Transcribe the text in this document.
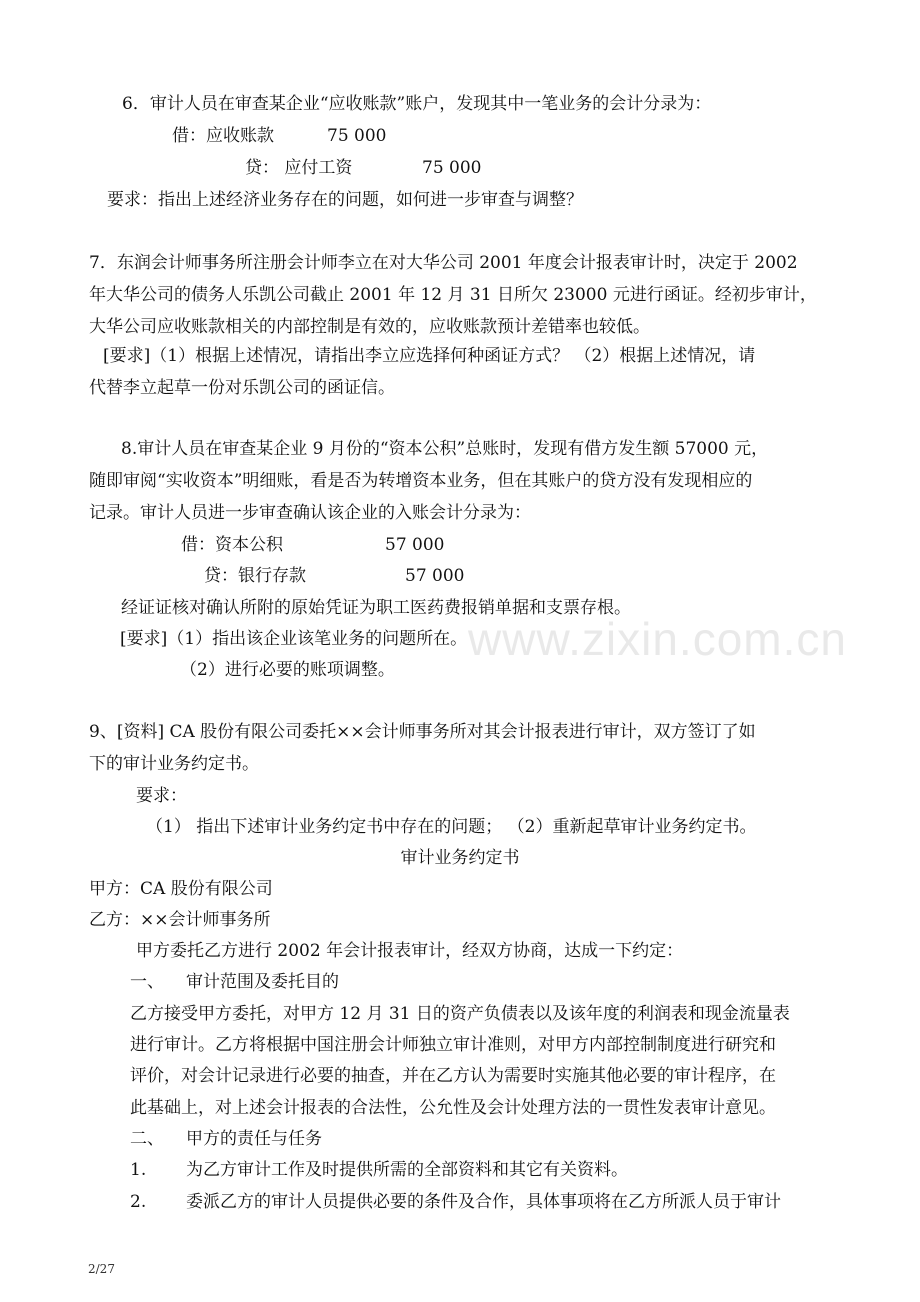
www.zixin.com.cn
6．审计人员在审查某企业“应收账款”账户，发现其中一笔业务的会计分录为：
借：应收账款	75 000
贷： 应付工资	75 000
要求：指出上述经济业务存在的问题，如何进一步审查与调整？
7．东润会计师事务所注册会计师李立在对大华公司 2001 年度会计报表审计时，决定于 2002
年大华公司的债务人乐凯公司截止 2001 年 12 月 31 日所欠 23000 元进行函证。经初步审计，
大华公司应收账款相关的内部控制是有效的，应收账款预计差错率也较低。
[要求]（1）根据上述情况，请指出李立应选择何种函证方式？ （2）根据上述情况，请
代替李立起草一份对乐凯公司的函证信。
8.审计人员在审查某企业 9 月份的“资本公积”总账时，发现有借方发生额 57000 元，
随即审阅“实收资本”明细账，看是否为转增资本业务，但在其账户的贷方没有发现相应的
记录。审计人员进一步审查确认该企业的入账会计分录为：
借：资本公积	57 000
贷：银行存款	57 000
经证证核对确认所附的原始凭证为职工医药费报销单据和支票存根。
[要求]（1）指出该企业该笔业务的问题所在。
（2）进行必要的账项调整。
9、[资料] CA 股份有限公司委托××会计师事务所对其会计报表进行审计，双方签订了如
下的审计业务约定书。
要求：
（1） 指出下述审计业务约定书中存在的问题； （2）重新起草审计业务约定书。
审计业务约定书
甲方：CA 股份有限公司
乙方：××会计师事务所
甲方委托乙方进行 2002 年会计报表审计，经双方协商，达成一下约定：
一、 审计范围及委托目的
乙方接受甲方委托，对甲方 12 月 31 日的资产负债表以及该年度的利润表和现金流量表
进行审计。乙方将根据中国注册会计师独立审计准则，对甲方内部控制制度进行研究和
评价，对会计记录进行必要的抽查，并在乙方认为需要时实施其他必要的审计程序，在
此基础上，对上述会计报表的合法性，公允性及会计处理方法的一贯性发表审计意见。
二、 甲方的责任与任务
1. 为乙方审计工作及时提供所需的全部资料和其它有关资料。
2. 委派乙方的审计人员提供必要的条件及合作，具体事项将在乙方所派人员于审计
2/27
